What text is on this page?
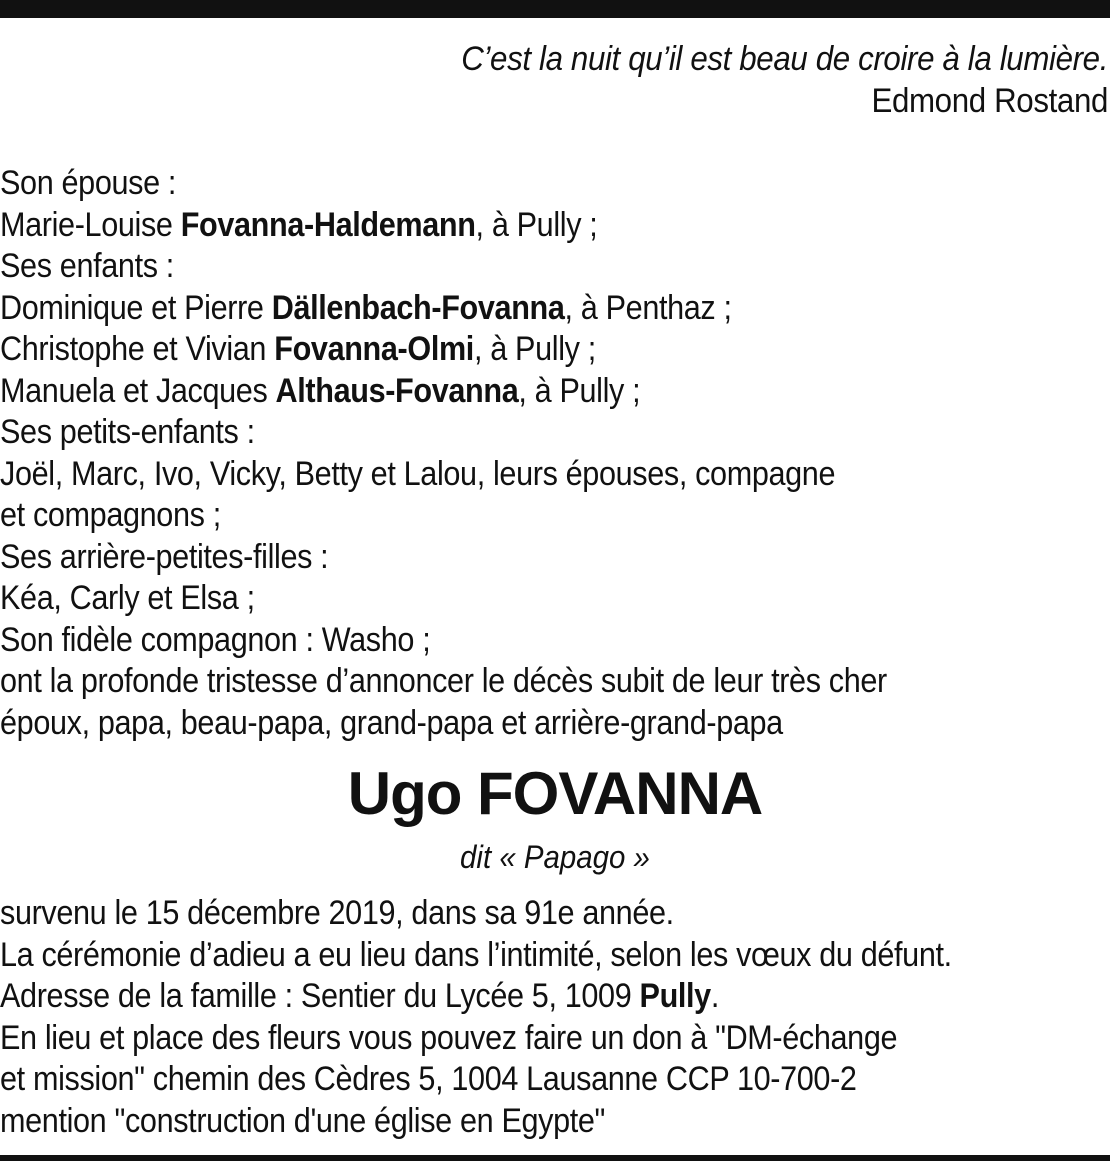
C’est la nuit qu’il est beau de croire à la lumière.
Edmond Rostand
Son épouse :
Marie-Louise Fovanna-Haldemann, à Pully ;
Ses enfants :
Dominique et Pierre Dällenbach-Fovanna, à Penthaz ;
Christophe et Vivian Fovanna-Olmi, à Pully ;
Manuela et Jacques Althaus-Fovanna, à Pully ;
Ses petits-enfants :
Joël, Marc, Ivo, Vicky, Betty et Lalou, leurs épouses, compagne
et compagnons ;
Ses arrière-petites-filles :
Kéa, Carly et Elsa ;
Son fidèle compagnon : Washo ;
ont la profonde tristesse d’annoncer le décès subit de leur très cher
époux, papa, beau-papa, grand-papa et arrière-grand-papa
Ugo FOVANNA
dit « Papago »
survenu le 15 décembre 2019, dans sa 91e année.
La cérémonie d’adieu a eu lieu dans l’intimité, selon les vœux du défunt.
Adresse de la famille : Sentier du Lycée 5, 1009 Pully.
En lieu et place des fleurs vous pouvez faire un don à "DM-échange
et mission" chemin des Cèdres 5, 1004 Lausanne CCP 10-700-2
mention "construction d'une église en Egypte"
